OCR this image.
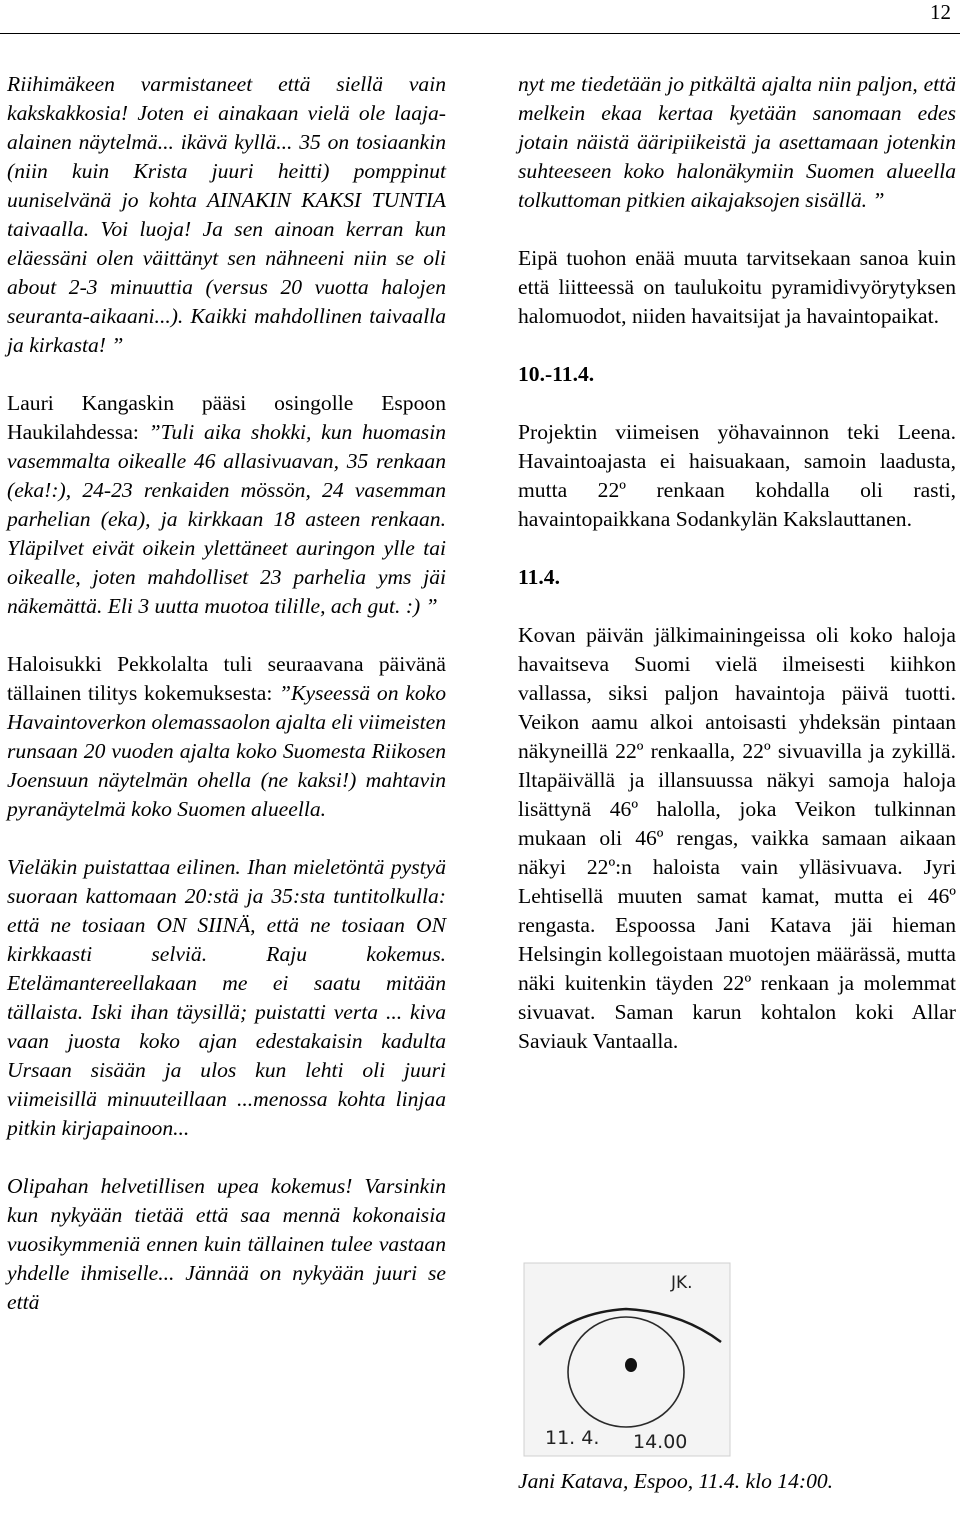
12

Riihimäkeen varmistaneet että siellä vain kakskakkosia! Joten ei ainakaan vielä ole laaja-alainen näytelmä... ikävä kyllä... 35 on tosiaankin (niin kuin Krista juuri heitti) pomppinut uuniselvänä jo kohta AINAKIN KAKSI TUNTIA taivaalla. Voi luoja! Ja sen ainoan kerran kun eläessäni olen väittänyt sen nähneeni niin se oli about 2-3 minuuttia (versus 20 vuotta halojen seuranta-aikaani...). Kaikki mahdollinen taivaalla ja kirkasta! ”

Lauri Kangaskin pääsi osingolle Espoon Haukilahdessa: ”Tuli aika shokki, kun huomasin vasemmalta oikealle 46 allasivuavan, 35 renkaan (eka!:), 24-23 renkaiden mössön, 24 vasemman parhelian (eka), ja kirkkaan 18 asteen renkaan. Yläpilvet eivät oikein ylettäneet auringon ylle tai oikealle, joten mahdolliset 23 parhelia yms jäi näkemättä. Eli 3 uutta muotoa tilille, ach gut. :) ”

Haloisukki Pekkolalta tuli seuraavana päivänä tällainen tilitys kokemuksesta: ”Kyseessä on koko Havaintoverkon olemassaolon ajalta eli viimeisten runsaan 20 vuoden ajalta koko Suomesta Riikosen Joensuun näytelmän ohella (ne kaksi!) mahtavin pyranäytelmä koko Suomen alueella.

Vieläkin puistattaa eilinen. Ihan mieletöntä pystyä suoraan kattomaan 20:stä ja 35:sta tuntitolkulla: että ne tosiaan ON SIINÄ, että ne tosiaan ON kirkkaasti selviä. Raju kokemus. Etelämantereellakaan me ei saatu mitään tällaista. Iski ihan täysillä; puistatti verta ... kiva vaan juosta koko ajan edestakaisin kadulta Ursaan sisään ja ulos kun lehti oli juuri viimeisillä minuuteillaan ...menossa kohta linjaa pitkin kirjapainoon...

Olipahan helvetillisen upea kokemus! Varsinkin kun nykyään tietää että saa mennä kokonaisia vuosikymmeniä ennen kuin tällainen tulee vastaan yhdelle ihmiselle... Jännää on nykyään juuri se että

nyt me tiedetään jo pitkältä ajalta niin paljon, että melkein ekaa kertaa kyetään sanomaan edes jotain näistä ääripiikeistä ja asettamaan jotenkin suhteeseen koko halonäkymiin Suomen alueella tolkuttoman pitkien aikajaksojen sisällä. ”

Eipä tuohon enää muuta tarvitsekaan sanoa kuin että liitteessä on taulukoitu pyramidivyörytyksen halomuodot, niiden havaitsijat ja havaintopaikat.

10.-11.4.

Projektin viimeisen yöhavainnon teki Leena. Havaintoajasta ei haisuakaan, samoin laadusta, mutta 22º renkaan kohdalla oli rasti, havaintopaikkana Sodankylän Kakslauttanen.

11.4.

Kovan päivän jälkimainingeissa oli koko haloja havaitseva Suomi vielä ilmeisesti kiihkon vallassa, siksi paljon havaintoja päivä tuotti. Veikon aamu alkoi antoisasti yhdeksän pintaan näkyneillä 22º renkaalla, 22º sivuavilla ja zykillä. Iltapäivällä ja illansuussa näkyi samoja haloja lisättynä 46º halolla, joka Veikon tulkinnan mukaan oli 46º rengas, vaikka samaan aikaan näkyi 22º:n haloista vain ylläsivuava. Jyri Lehtisellä muuten samat kamat, mutta ei 46º rengasta. Espoossa Jani Katava jäi hieman Helsingin kollegoistaan muotojen määrässä, mutta näki kuitenkin täyden 22º renkaan ja molemmat sivuavat. Saman karun kohtalon koki Allar Saviauk Vantaalla.

JK.
11. 4. 14.00
Jani Katava, Espoo, 11.4. klo 14:00.
